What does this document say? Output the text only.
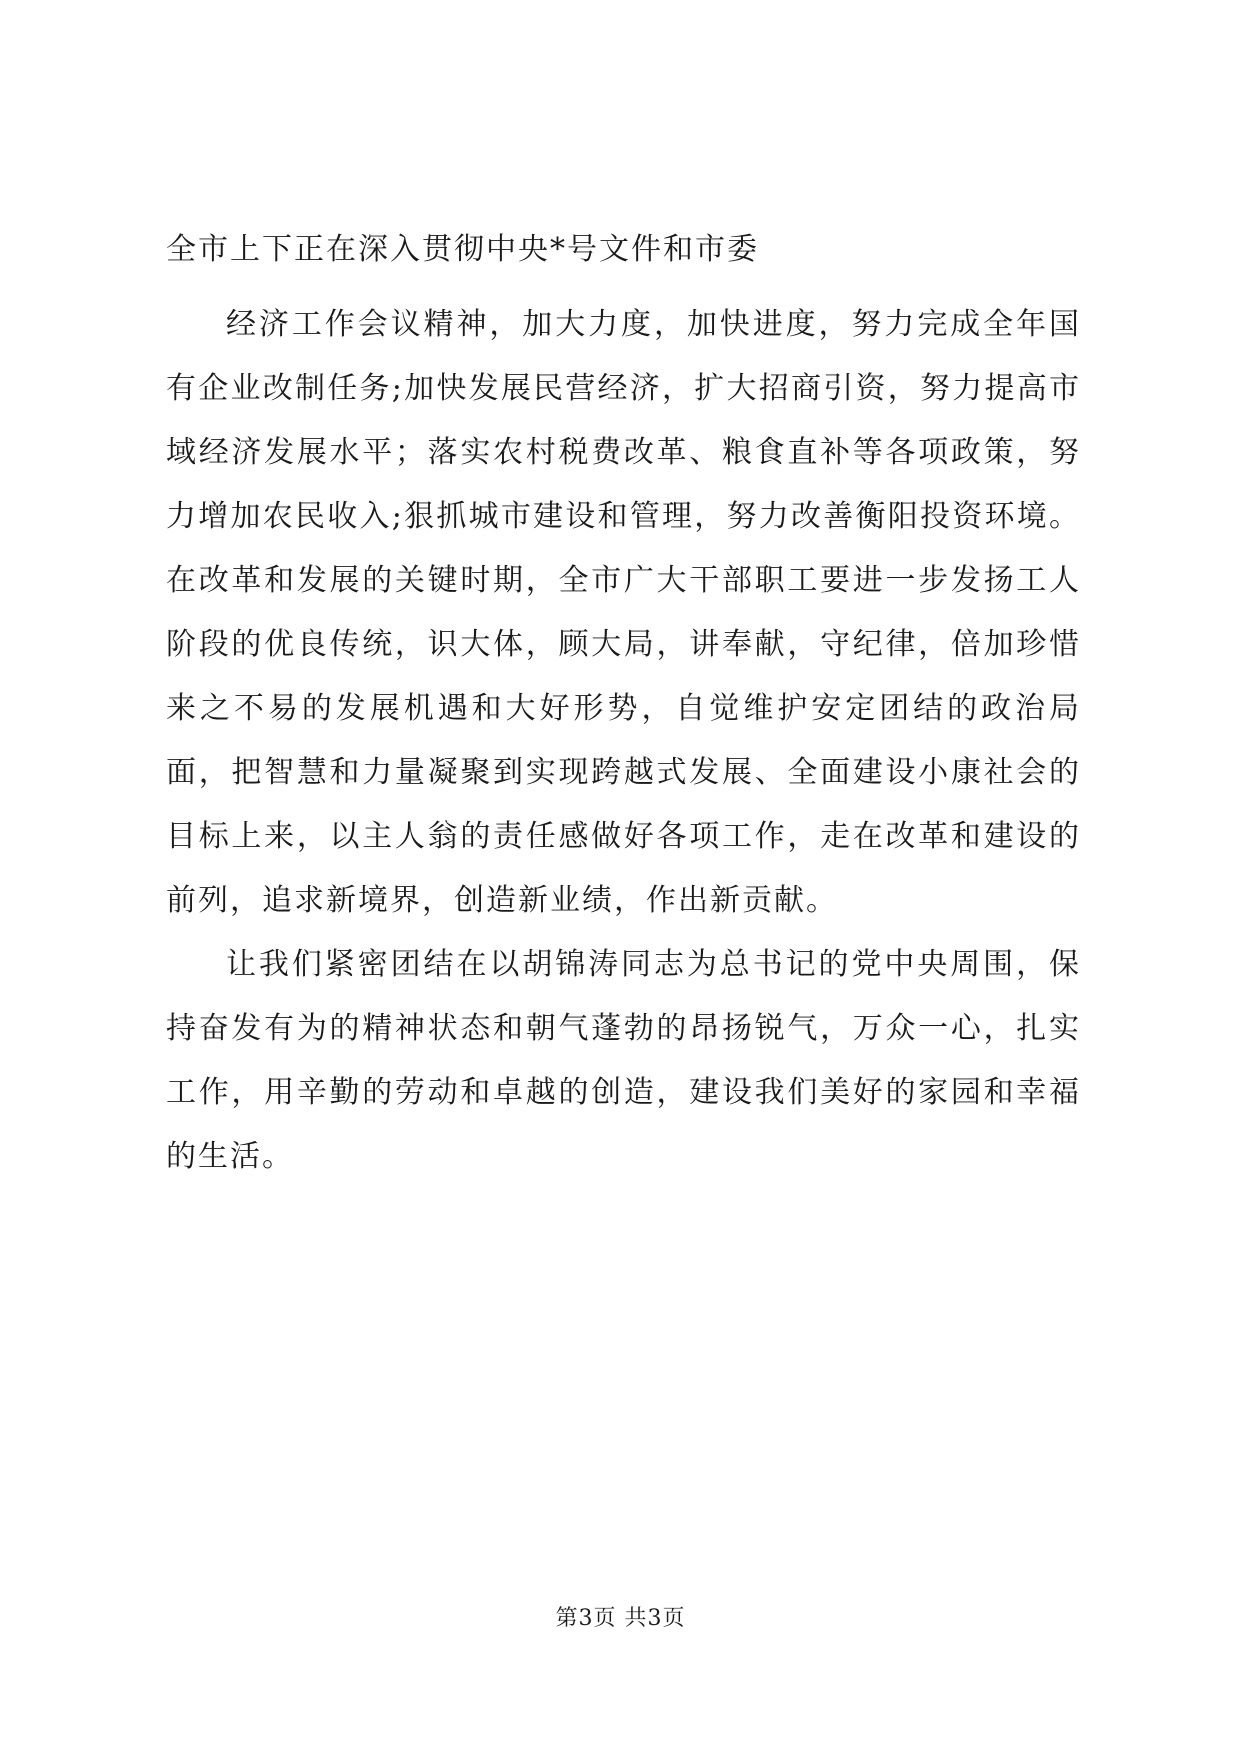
全市上下正在深入贯彻中央*号文件和市委

经济工作会议精神，加大力度，加快进度，努力完成全年国有企业改制任务;加快发展民营经济，扩大招商引资，努力提高市域经济发展水平；落实农村税费改革、粮食直补等各项政策，努力增加农民收入;狠抓城市建设和管理，努力改善衡阳投资环境。在改革和发展的关键时期，全市广大干部职工要进一步发扬工人阶段的优良传统，识大体，顾大局，讲奉献，守纪律，倍加珍惜来之不易的发展机遇和大好形势，自觉维护安定团结的政治局面，把智慧和力量凝聚到实现跨越式发展、全面建设小康社会的目标上来，以主人翁的责任感做好各项工作，走在改革和建设的前列，追求新境界，创造新业绩，作出新贡献。

让我们紧密团结在以胡锦涛同志为总书记的党中央周围，保持奋发有为的精神状态和朝气蓬勃的昂扬锐气，万众一心，扎实工作，用辛勤的劳动和卓越的创造，建设我们美好的家园和幸福的生活。

第3页 共3页
